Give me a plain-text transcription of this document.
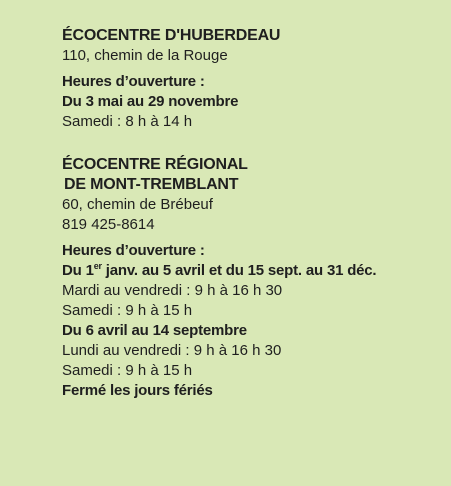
ÉCOCENTRE D'HUBERDEAU

110, chemin de la Rouge

Heures d’ouverture :

Du 3 mai au 29 novembre

Samedi : 8 h à 14 h

ÉCOCENTRE RÉGIONAL

DE MONT-TREMBLANT

60, chemin de Brébeuf

819 425-8614

Heures d’ouverture :

Du 1er janv. au 5 avril et du 15 sept. au 31 déc.

Mardi au vendredi : 9 h à 16 h 30

Samedi : 9 h à 15 h

Du 6 avril au 14 septembre

Lundi au vendredi : 9 h à 16 h 30

Samedi : 9 h à 15 h

Fermé les jours fériés
